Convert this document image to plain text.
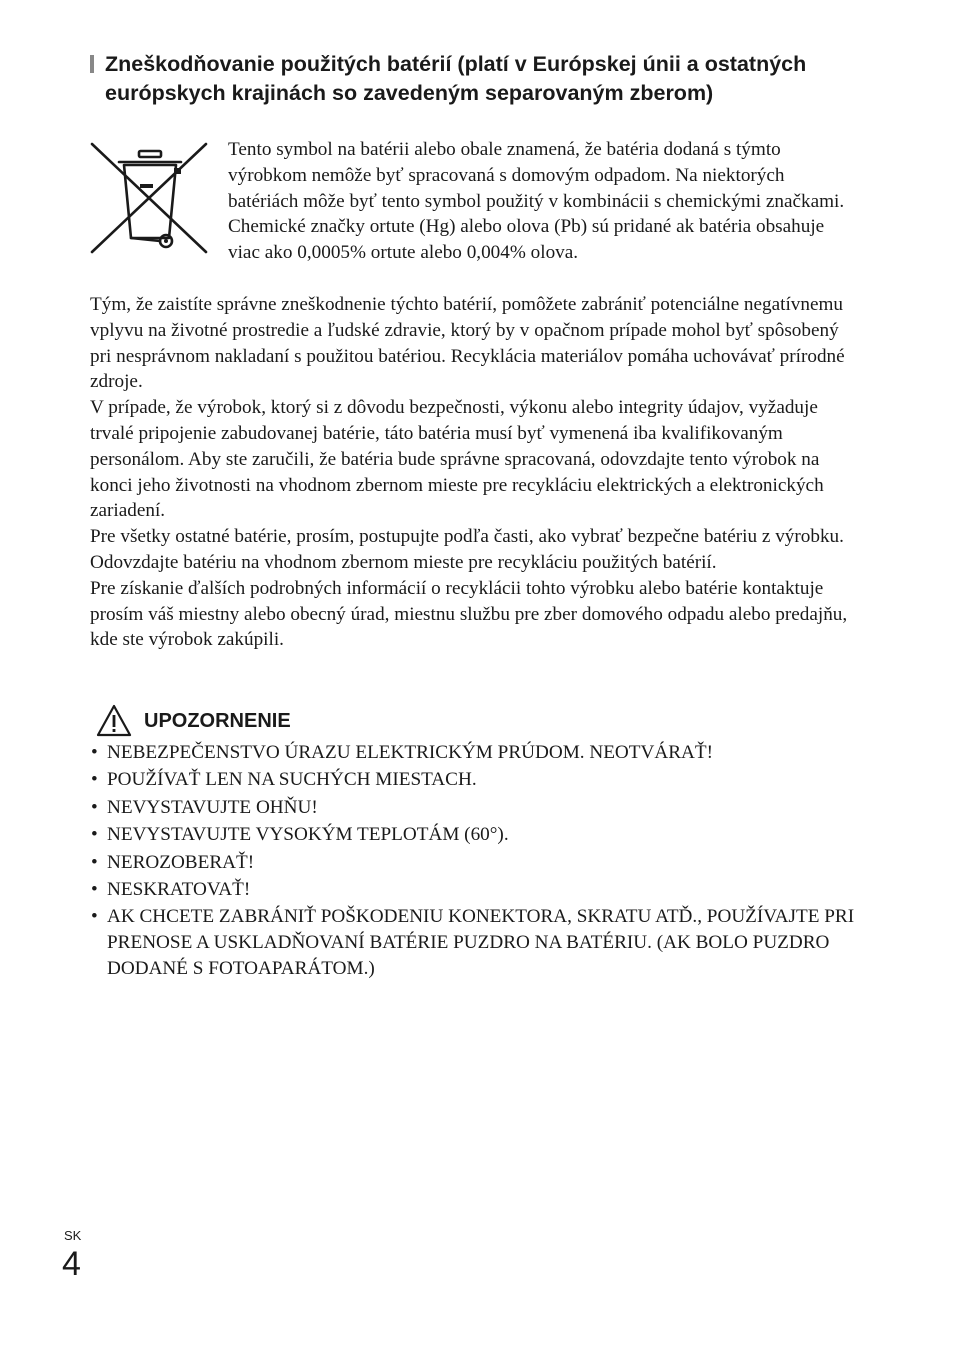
Zneškodňovanie použitých batérií (platí v Európskej únii a ostatných európskych krajinách so zavedeným separovaným zberom)

Tento symbol na batérii alebo obale znamená, že batéria dodaná s týmto výrobkom nemôže byť spracovaná s domovým odpadom. Na niektorých batériách môže byť tento symbol použitý v kombinácii s chemickými značkami. Chemické značky ortute (Hg) alebo olova (Pb) sú pridané ak batéria obsahuje viac ako 0,0005% ortute alebo 0,004% olova.

Tým, že zaistíte správne zneškodnenie týchto batérií, pomôžete zabrániť potenciálne negatívnemu vplyvu na životné prostredie a ľudské zdravie, ktorý by v opačnom prípade mohol byť spôsobený pri nesprávnom nakladaní s použitou batériou. Recyklácia materiálov pomáha uchovávať prírodné zdroje.

V prípade, že výrobok, ktorý si z dôvodu bezpečnosti, výkonu alebo integrity údajov, vyžaduje trvalé pripojenie zabudovanej batérie, táto batéria musí byť vymenená iba kvalifikovaným personálom. Aby ste zaručili, že batéria bude správne spracovaná, odovzdajte tento výrobok na konci jeho životnosti na vhodnom zbernom mieste pre recykláciu elektrických a elektronických zariadení.

Pre všetky ostatné batérie, prosím, postupujte podľa časti, ako vybrať bezpečne batériu z výrobku.

Odovzdajte batériu na vhodnom zbernom mieste pre recykláciu použitých batérií.

Pre získanie ďalších podrobných informácií o recyklácii tohto výrobku alebo batérie kontaktuje prosím váš miestny alebo obecný úrad, miestnu službu pre zber domového odpadu alebo predajňu, kde ste výrobok zakúpili.

UPOZORNENIE
• NEBEZPEČENSTVO ÚRAZU ELEKTRICKÝM PRÚDOM. NEOTVÁRAŤ!
• POUŽÍVAŤ LEN NA SUCHÝCH MIESTACH.
• NEVYSTAVUJTE OHŇU!
• NEVYSTAVUJTE VYSOKÝM TEPLOTÁM (60°).
• NEROZOBERAŤ!
• NESKRATOVAŤ!
• AK CHCETE ZABRÁNIŤ POŠKODENIU KONEKTORA, SKRATU ATĎ., POUŽÍVAJTE PRI PRENOSE A USKLADŇOVANÍ BATÉRIE PUZDRO NA BATÉRIU. (AK BOLO PUZDRO DODANÉ S FOTOAPARÁTOM.)
SK
4
